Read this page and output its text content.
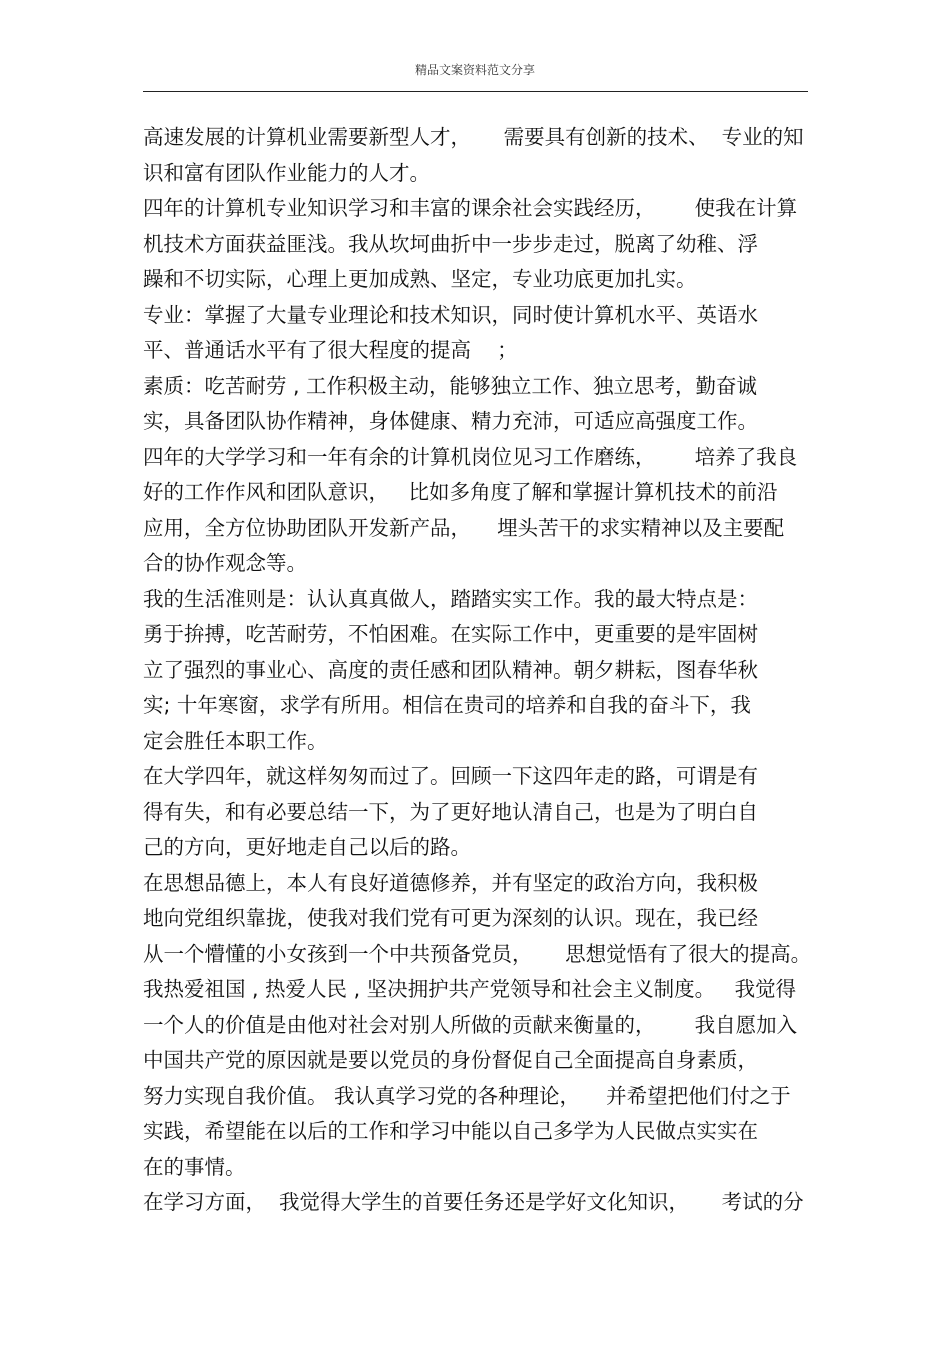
精品文案资料范文分享
高速发展的计算机业需要新型人才，     需要具有创新的技术、  专业的知
识和富有团队作业能力的人才。
四年的计算机专业知识学习和丰富的课余社会实践经历，      使我在计算
机技术方面获益匪浅。我从坎坷曲折中一步步走过，脱离了幼稚、浮
躁和不切实际，心理上更加成熟、坚定，专业功底更加扎实。
专业：掌握了大量专业理论和技术知识，同时使计算机水平、英语水
平、普通话水平有了很大程度的提高    ；
素质：吃苦耐劳 , 工作积极主动，能够独立工作、独立思考，勤奋诚
实，具备团队协作精神，身体健康、精力充沛，可适应高强度工作。
四年的大学学习和一年有余的计算机岗位见习工作磨练，      培养了我良
好的工作作风和团队意识，   比如多角度了解和掌握计算机技术的前沿
应用，全方位协助团队开发新产品，    埋头苦干的求实精神以及主要配
合的协作观念等。
我的生活准则是：认认真真做人，踏踏实实工作。我的最大特点是：
勇于拚搏，吃苦耐劳，不怕困难。在实际工作中，更重要的是牢固树
立了强烈的事业心、高度的责任感和团队精神。朝夕耕耘，图春华秋
实; 十年寒窗，求学有所用。相信在贵司的培养和自我的奋斗下，我
定会胜任本职工作。
在大学四年，就这样匆匆而过了。回顾一下这四年走的路，可谓是有
得有失，和有必要总结一下，为了更好地认清自己，也是为了明白自
己的方向，更好地走自己以后的路。
在思想品德上，本人有良好道德修养，并有坚定的政治方向，我积极
地向党组织靠拢，使我对我们党有可更为深刻的认识。现在，我已经
从一个懵懂的小女孩到一个中共预备党员，     思想觉悟有了很大的提高。
我热爱祖国 , 热爱人民 , 坚决拥护共产党领导和社会主义制度。   我觉得
一个人的价值是由他对社会对别人所做的贡献来衡量的，      我自愿加入
中国共产党的原因就是要以党员的身份督促自己全面提高自身素质，
努力实现自我价值。 我认真学习党的各种理论，    并希望把他们付之于
实践，希望能在以后的工作和学习中能以自己多学为人民做点实实在
在的事情。
在学习方面，  我觉得大学生的首要任务还是学好文化知识，     考试的分
